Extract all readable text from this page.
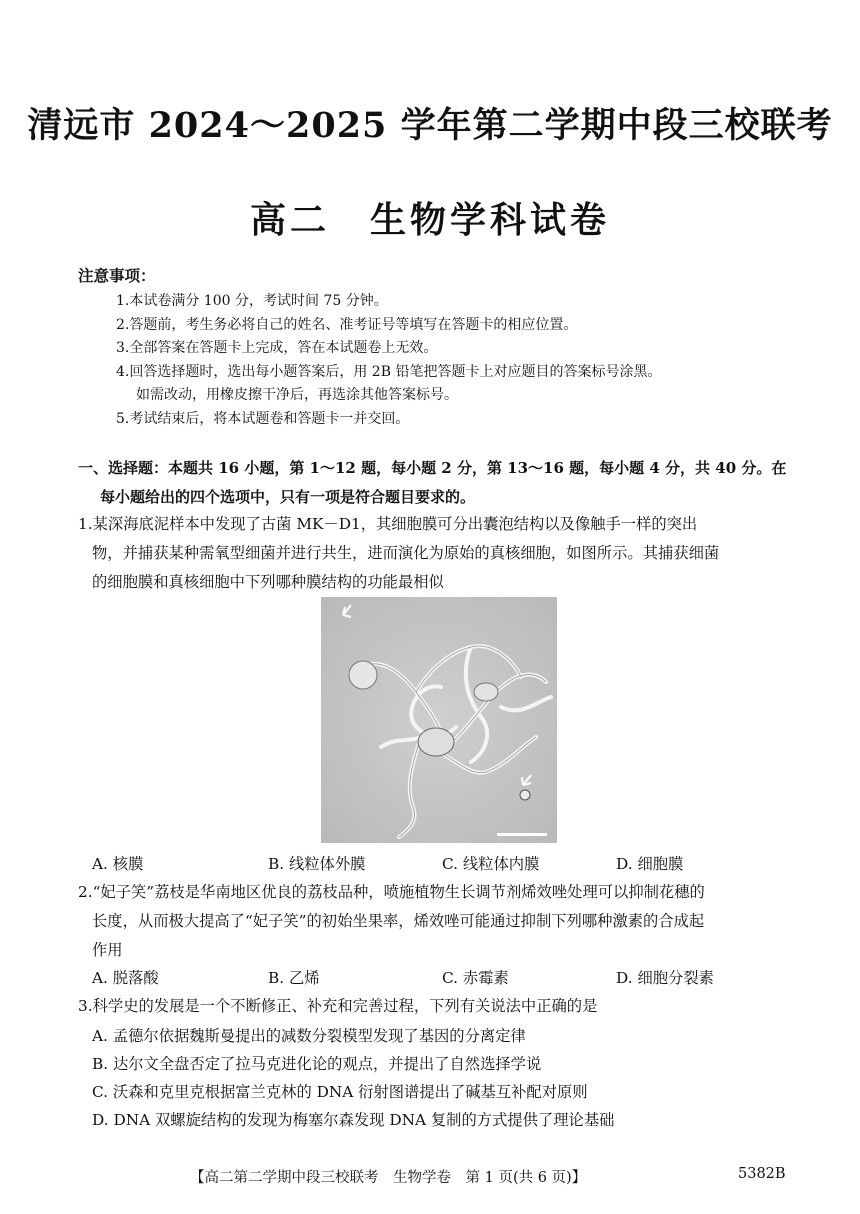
清远市 2024～2025 学年第二学期中段三校联考
高二　生物学科试卷
注意事项：
1.本试卷满分 100 分，考试时间 75 分钟。
2.答题前，考生务必将自己的姓名、准考证号等填写在答题卡的相应位置。
3.全部答案在答题卡上完成，答在本试题卷上无效。
4.回答选择题时，选出每小题答案后，用 2B 铅笔把答题卡上对应题目的答案标号涂黑。
如需改动，用橡皮擦干净后，再选涂其他答案标号。
5.考试结束后，将本试题卷和答题卡一并交回。
一、选择题：本题共 16 小题，第 1～12 题，每小题 2 分，第 13～16 题，每小题 4 分，共 40 分。在
每小题给出的四个选项中，只有一项是符合题目要求的。
1.某深海底泥样本中发现了古菌 MK－D1，其细胞膜可分出囊泡结构以及像触手一样的突出
物，并捕获某种需氧型细菌并进行共生，进而演化为原始的真核细胞，如图所示。其捕获细菌
的细胞膜和真核细胞中下列哪种膜结构的功能最相似
A. 核膜	B. 线粒体外膜	C. 线粒体内膜	D. 细胞膜
2.“妃子笑”荔枝是华南地区优良的荔枝品种，喷施植物生长调节剂烯效唑处理可以抑制花穗的
长度，从而极大提高了“妃子笑”的初始坐果率，烯效唑可能通过抑制下列哪种激素的合成起
作用
A. 脱落酸	B. 乙烯	C. 赤霉素	D. 细胞分裂素
3.科学史的发展是一个不断修正、补充和完善过程，下列有关说法中正确的是
A. 孟德尔依据魏斯曼提出的减数分裂模型发现了基因的分离定律
B. 达尔文全盘否定了拉马克进化论的观点，并提出了自然选择学说
C. 沃森和克里克根据富兰克林的 DNA 衍射图谱提出了碱基互补配对原则
D. DNA 双螺旋结构的发现为梅塞尔森发现 DNA 复制的方式提供了理论基础
【高二第二学期中段三校联考　生物学卷　第 1 页(共 6 页)】	5382B
